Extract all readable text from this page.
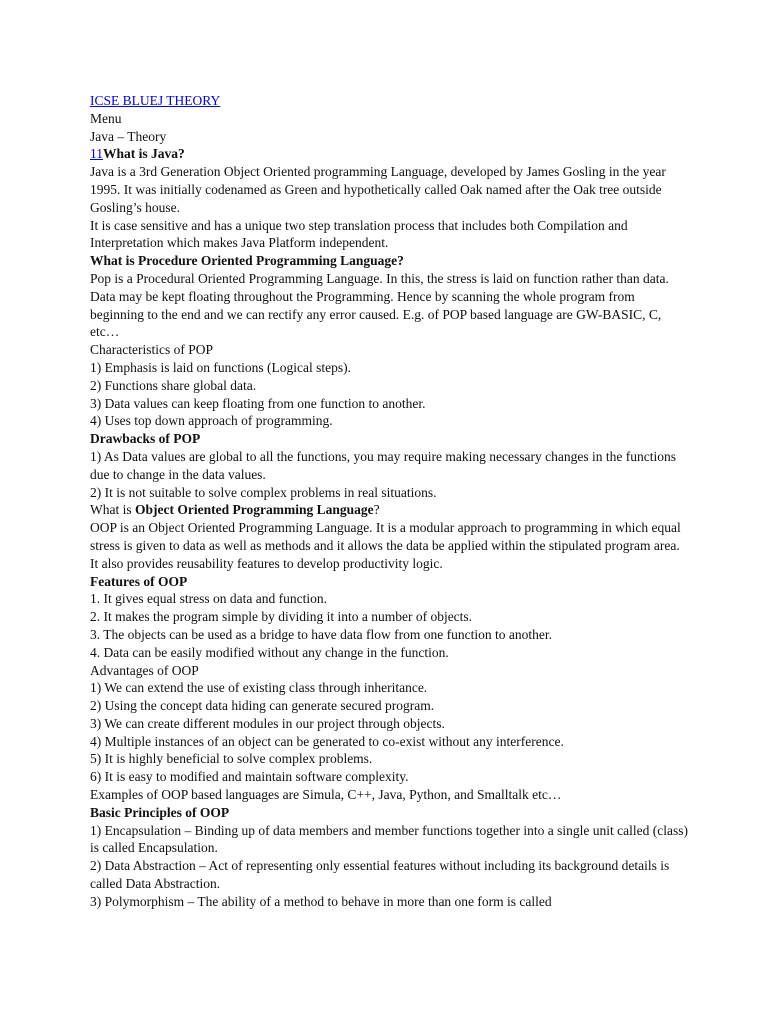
ICSE BLUEJ THEORY

Menu

Java – Theory

11What is Java?

Java is a 3rd Generation Object Oriented programming Language, developed by James Gosling in the year 1995. It was initially codenamed as Green and hypothetically called Oak named after the Oak tree outside Gosling’s house.

It is case sensitive and has a unique two step translation process that includes both Compilation and Interpretation which makes Java Platform independent.

What is Procedure Oriented Programming Language?

Pop is a Procedural Oriented Programming Language. In this, the stress is laid on function rather than data. Data may be kept floating throughout the Programming. Hence by scanning the whole program from beginning to the end and we can rectify any error caused. E.g. of POP based language are GW-BASIC, C, etc…

Characteristics of POP

1) Emphasis is laid on functions (Logical steps).

2) Functions share global data.

3) Data values can keep floating from one function to another.

4) Uses top down approach of programming.

Drawbacks of POP

1) As Data values are global to all the functions, you may require making necessary changes in the functions due to change in the data values.

2) It is not suitable to solve complex problems in real situations.

What is Object Oriented Programming Language?

OOP is an Object Oriented Programming Language. It is a modular approach to programming in which equal stress is given to data as well as methods and it allows the data be applied within the stipulated program area. It also provides reusability features to develop productivity logic.

Features of OOP

1. It gives equal stress on data and function.

2. It makes the program simple by dividing it into a number of objects.

3. The objects can be used as a bridge to have data flow from one function to another.

4. Data can be easily modified without any change in the function.

Advantages of OOP

1) We can extend the use of existing class through inheritance.

2) Using the concept data hiding can generate secured program.

3) We can create different modules in our project through objects.

4) Multiple instances of an object can be generated to co-exist without any interference.

5) It is highly beneficial to solve complex problems.

6) It is easy to modified and maintain software complexity.

Examples of OOP based languages are Simula, C++, Java, Python, and Smalltalk etc…

Basic Principles of OOP

1) Encapsulation – Binding up of data members and member functions together into a single unit called (class) is called Encapsulation.

2) Data Abstraction – Act of representing only essential features without including its background details is called Data Abstraction.

3) Polymorphism – The ability of a method to behave in more than one form is called
